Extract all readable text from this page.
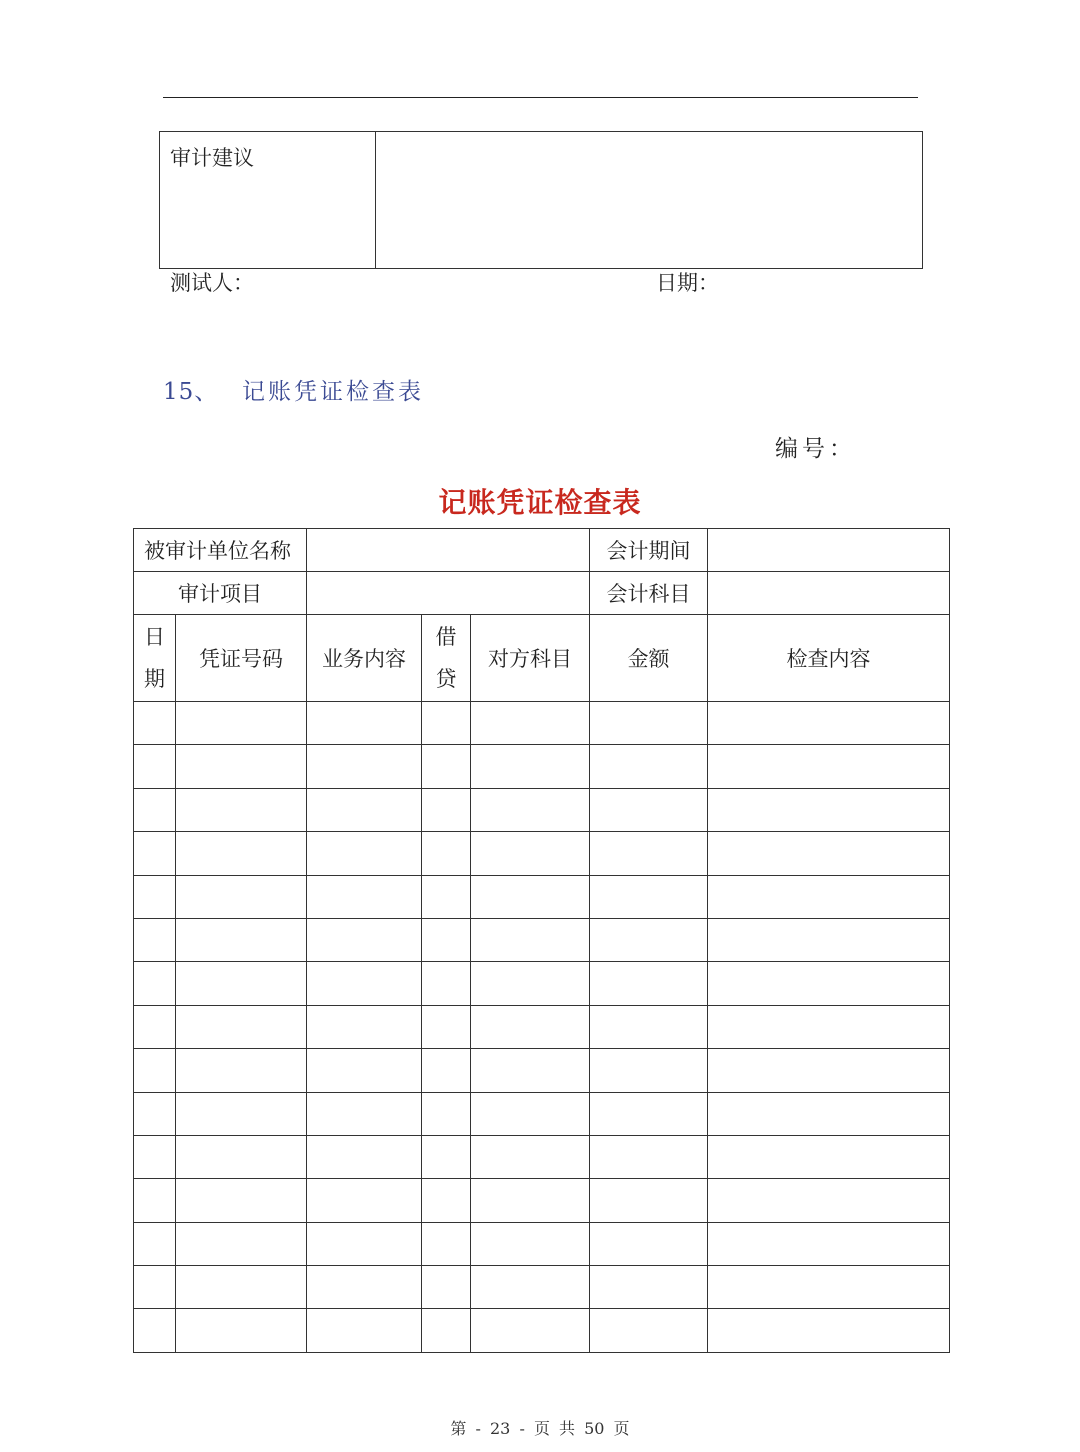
审计建议	
测试人：	日期：
15、 记账凭证检查表
编号：
记账凭证检查表
被审计单位名称					会计期间	
审计项目					会计科目	
日期	凭证号码	业务内容	借贷	对方科目	金额	检查内容

第 - 23 - 页 共 50 页
